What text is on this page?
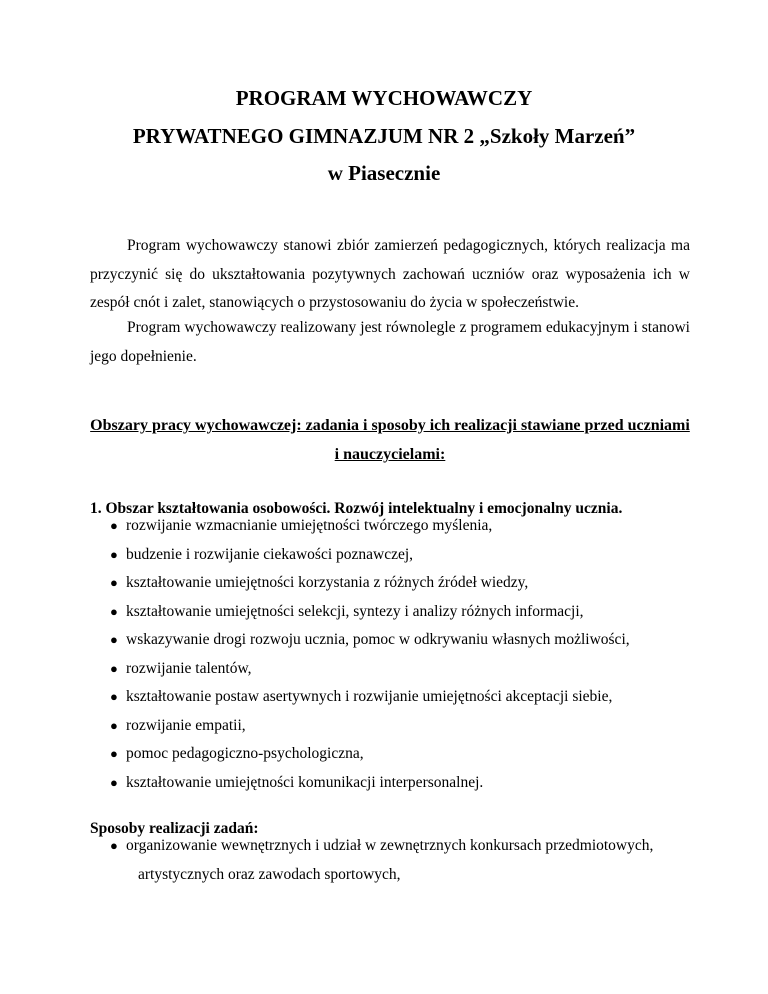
PROGRAM WYCHOWAWCZY
PRYWATNEGO GIMNAZJUM NR 2 „Szkoły Marzeń”
w Piasecznie

Program wychowawczy stanowi zbiór zamierzeń pedagogicznych, których realizacja ma przyczynić się do ukształtowania pozytywnych zachowań uczniów oraz wyposażenia ich w zespół cnót i zalet, stanowiących o przystosowaniu do życia w społeczeństwie.

Program wychowawczy realizowany jest równolegle z programem edukacyjnym i stanowi jego dopełnienie.

Obszary pracy wychowawczej: zadania i sposoby ich realizacji stawiane przed uczniami i nauczycielami:

1. Obszar kształtowania osobowości. Rozwój intelektualny i emocjonalny ucznia.

● rozwijanie wzmacnianie umiejętności twórczego myślenia,
● budzenie i rozwijanie ciekawości poznawczej,
● kształtowanie umiejętności korzystania z różnych źródeł wiedzy,
● kształtowanie umiejętności selekcji, syntezy i analizy różnych informacji,
● wskazywanie drogi rozwoju ucznia, pomoc w odkrywaniu własnych możliwości,
● rozwijanie talentów,
● kształtowanie postaw asertywnych i rozwijanie umiejętności akceptacji siebie,
● rozwijanie empatii,
● pomoc pedagogiczno-psychologiczna,
● kształtowanie umiejętności komunikacji interpersonalnej.

Sposoby realizacji zadań:

● organizowanie wewnętrznych i udział w zewnętrznych konkursach przedmiotowych, artystycznych oraz zawodach sportowych,
